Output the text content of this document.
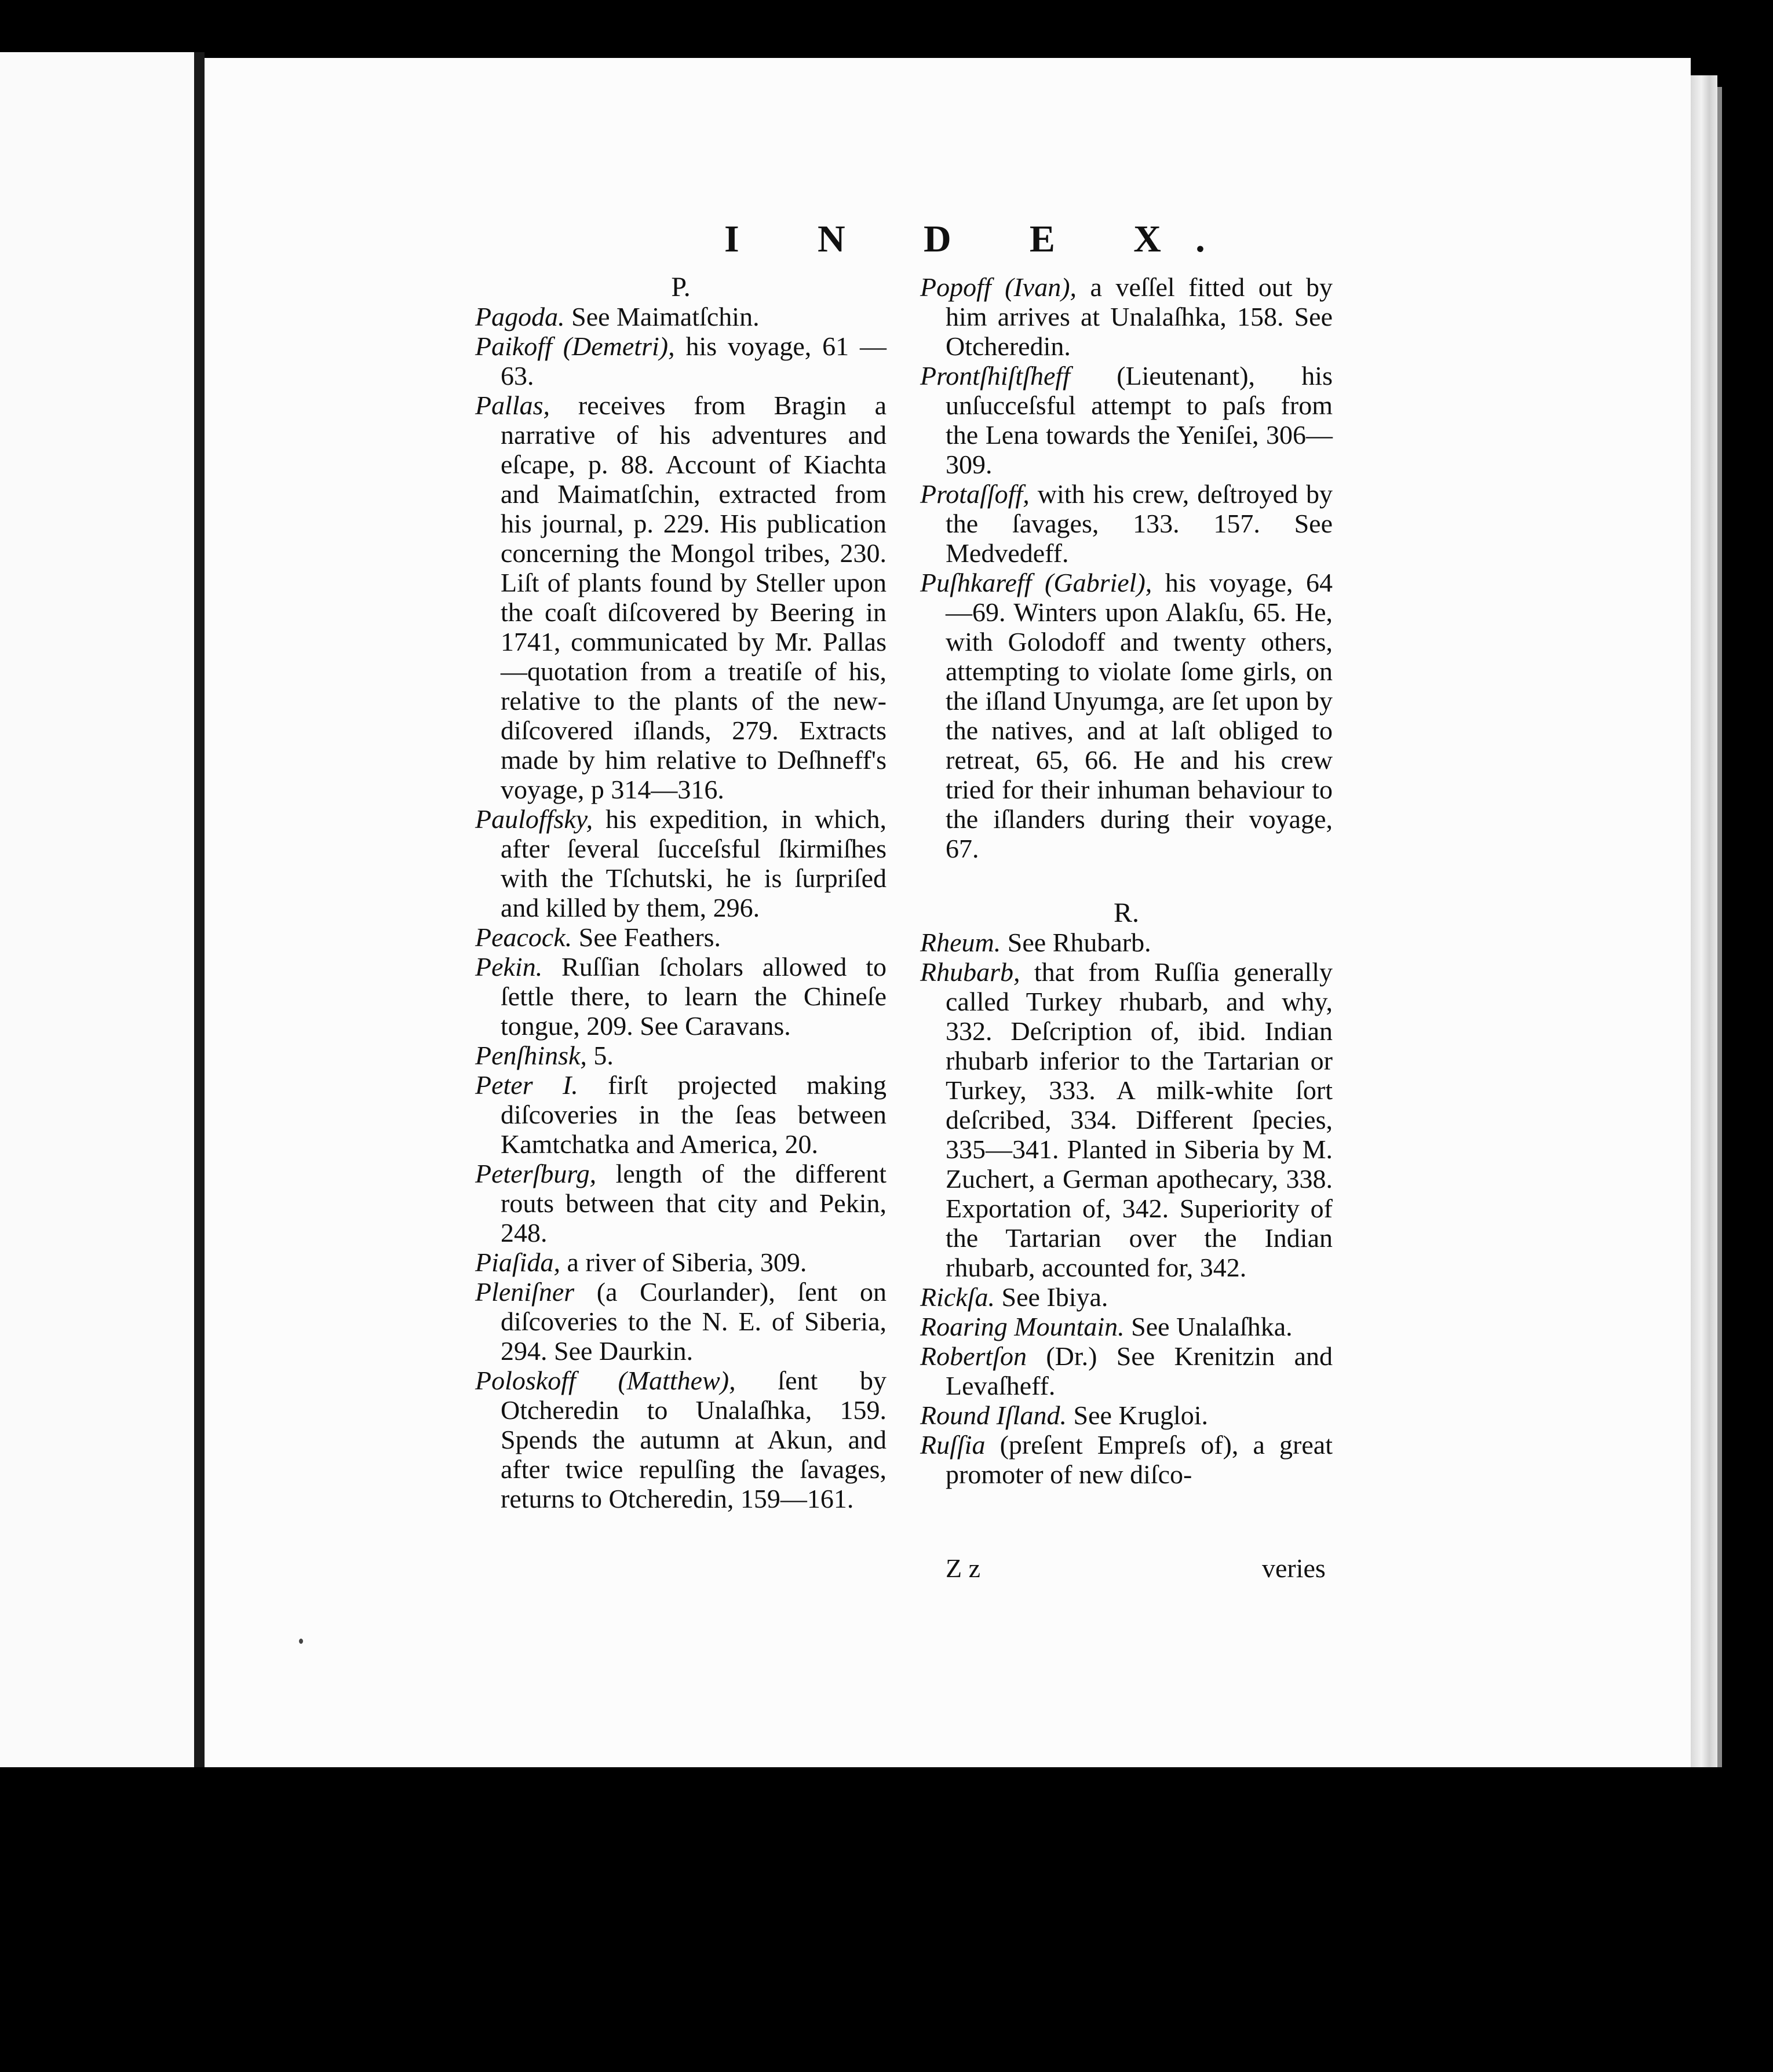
I N D E X.
P.
Pagoda. See Maimatſchin.
Paikoff (Demetri), his voyage, 61 —63.
Pallas, receives from Bragin a narrative of his adventures and eſcape, p. 88. Account of Kiachta and Maimatſchin, extracted from his journal, p. 229. His publication concerning the Mongol tribes, 230. Liſt of plants found by Steller upon the coaſt diſcovered by Beering in 1741, communicated by Mr. Pallas—quotation from a treatiſe of his, relative to the plants of the new-diſcovered iſlands, 279. Extracts made by him relative to Deſhneff's voyage, p 314—316.
Pauloffsky, his expedition, in which, after ſeveral ſucceſsful ſkirmiſhes with the Tſchutski, he is ſurpriſed and killed by them, 296.
Peacock. See Feathers.
Pekin. Ruſſian ſcholars allowed to ſettle there, to learn the Chineſe tongue, 209. See Caravans.
Penſhinsk, 5.
Peter I. firſt projected making diſcoveries in the ſeas between Kamtchatka and America, 20.
Peterſburg, length of the different routs between that city and Pekin, 248.
Piaſida, a river of Siberia, 309.
Pleniſner (a Courlander), ſent on diſcoveries to the N. E. of Siberia, 294. See Daurkin.
Poloskoff (Matthew), ſent by Otcheredin to Unalaſhka, 159. Spends the autumn at Akun, and after twice repulſing the ſavages, returns to Otcheredin, 159—161.
Popoff (Ivan), a veſſel fitted out by him arrives at Unalaſhka, 158. See Otcheredin.
Prontſhiſtſheff (Lieutenant), his unſucceſsful attempt to paſs from the Lena towards the Yeniſei, 306—309.
Protaſſoff, with his crew, deſtroyed by the ſavages, 133. 157. See Medvedeff.
Puſhkareff (Gabriel), his voyage, 64—69. Winters upon Alakſu, 65. He, with Golodoff and twenty others, attempting to violate ſome girls, on the iſland Unyumga, are ſet upon by the natives, and at laſt obliged to retreat, 65, 66. He and his crew tried for their inhuman behaviour to the iſlanders during their voyage, 67.
R.
Rheum. See Rhubarb.
Rhubarb, that from Ruſſia generally called Turkey rhubarb, and why, 332. Deſcription of, ibid. Indian rhubarb inferior to the Tartarian or Turkey, 333. A milk-white ſort deſcribed, 334. Different ſpecies, 335—341. Planted in Siberia by M. Zuchert, a German apothecary, 338. Exportation of, 342. Superiority of the Tartarian over the Indian rhubarb, accounted for, 342.
Rickſa. See Ibiya.
Roaring Mountain. See Unalaſhka.
Robertſon (Dr.) See Krenitzin and Levaſheff.
Round Iſland. See Krugloi.
Ruſſia (preſent Empreſs of), a great promoter of new diſco-
Z z	veries
